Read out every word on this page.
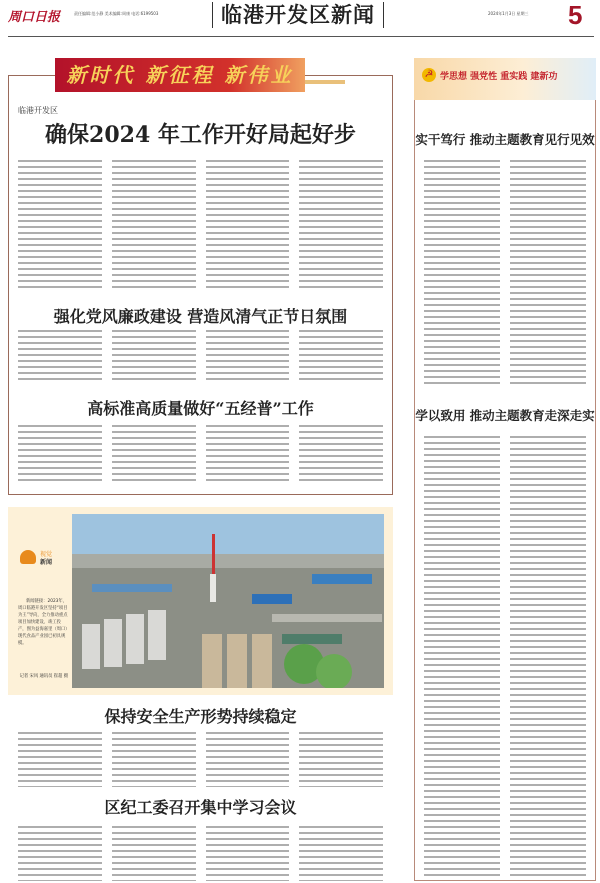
周口日报	责任编辑:范小静 美术编辑:周康 电话:6199503	临港开发区新闻	2024年1月3日 星期三 5
新时代 新征程 新伟业
临港开发区
确保2024 年工作开好局起好步
强化党风廉政建设 营造风清气正节日氛围
高标准高质量做好“五经普”工作
视觉
新闻
新闻链接：2023年，周口临港开发区坚持“项目为王”导向，全力推动重点项目加快建设、竣工投产，图为益海嘉里（周口）现代食品产业园已初具规模。
记者 宋风 通讯员 崔超 摄
保持安全生产形势持续稳定
区纪工委召开集中学习会议
学思想 强党性 重实践 建新功
☭
实干笃行 推动主题教育见行见效
学以致用 推动主题教育走深走实
